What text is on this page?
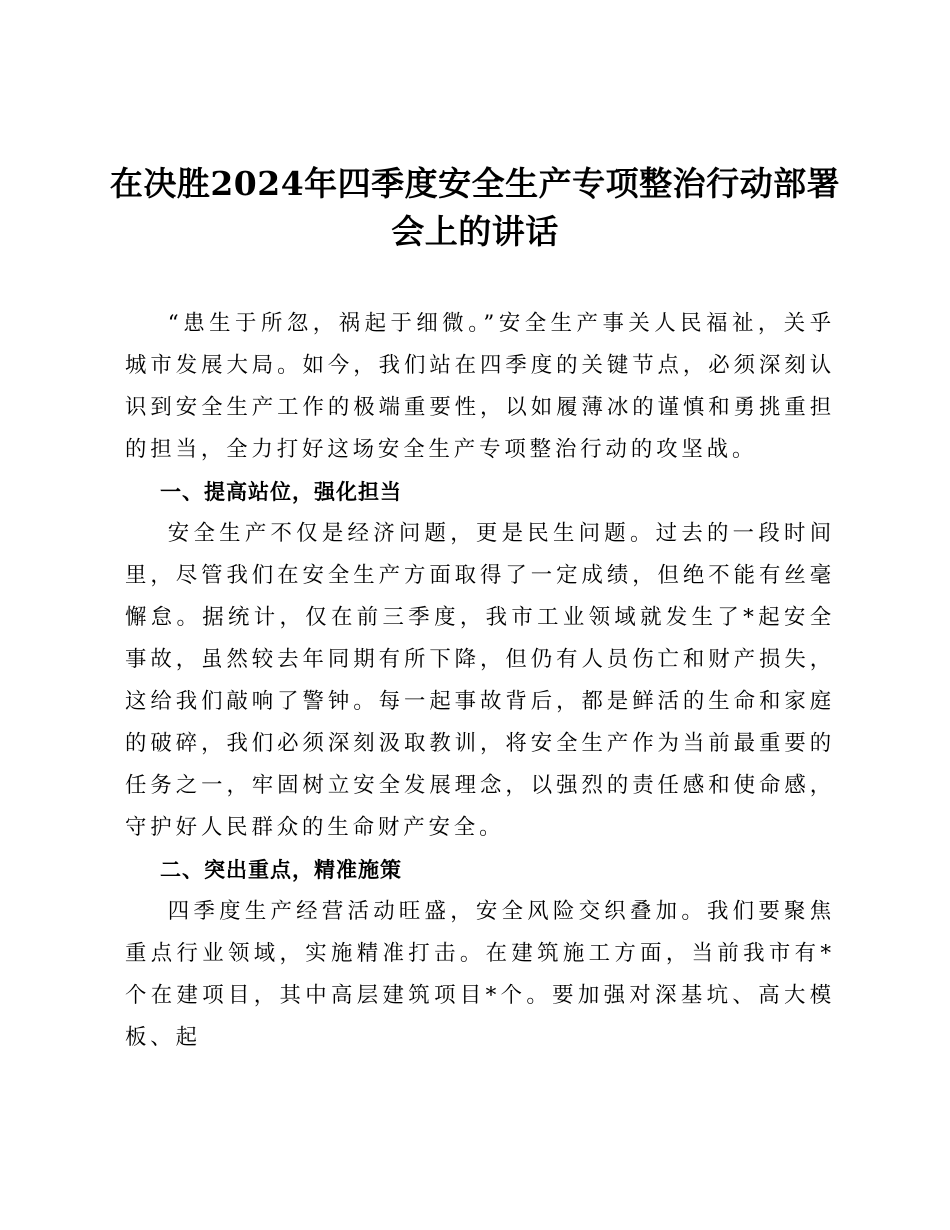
在决胜2024年四季度安全生产专项整治行动部署会上的讲话

“患生于所忽，祸起于细微。”安全生产事关人民福祉，关乎城市发展大局。如今，我们站在四季度的关键节点，必须深刻认识到安全生产工作的极端重要性，以如履薄冰的谨慎和勇挑重担的担当，全力打好这场安全生产专项整治行动的攻坚战。

一、提高站位，强化担当

安全生产不仅是经济问题，更是民生问题。过去的一段时间里，尽管我们在安全生产方面取得了一定成绩，但绝不能有丝毫懈怠。据统计，仅在前三季度，我市工业领域就发生了*起安全事故，虽然较去年同期有所下降，但仍有人员伤亡和财产损失，这给我们敲响了警钟。每一起事故背后，都是鲜活的生命和家庭的破碎，我们必须深刻汲取教训，将安全生产作为当前最重要的任务之一，牢固树立安全发展理念，以强烈的责任感和使命感，守护好人民群众的生命财产安全。

二、突出重点，精准施策

四季度生产经营活动旺盛，安全风险交织叠加。我们要聚焦重点行业领域，实施精准打击。在建筑施工方面，当前我市有*个在建项目，其中高层建筑项目*个。要加强对深基坑、高大模板、起
